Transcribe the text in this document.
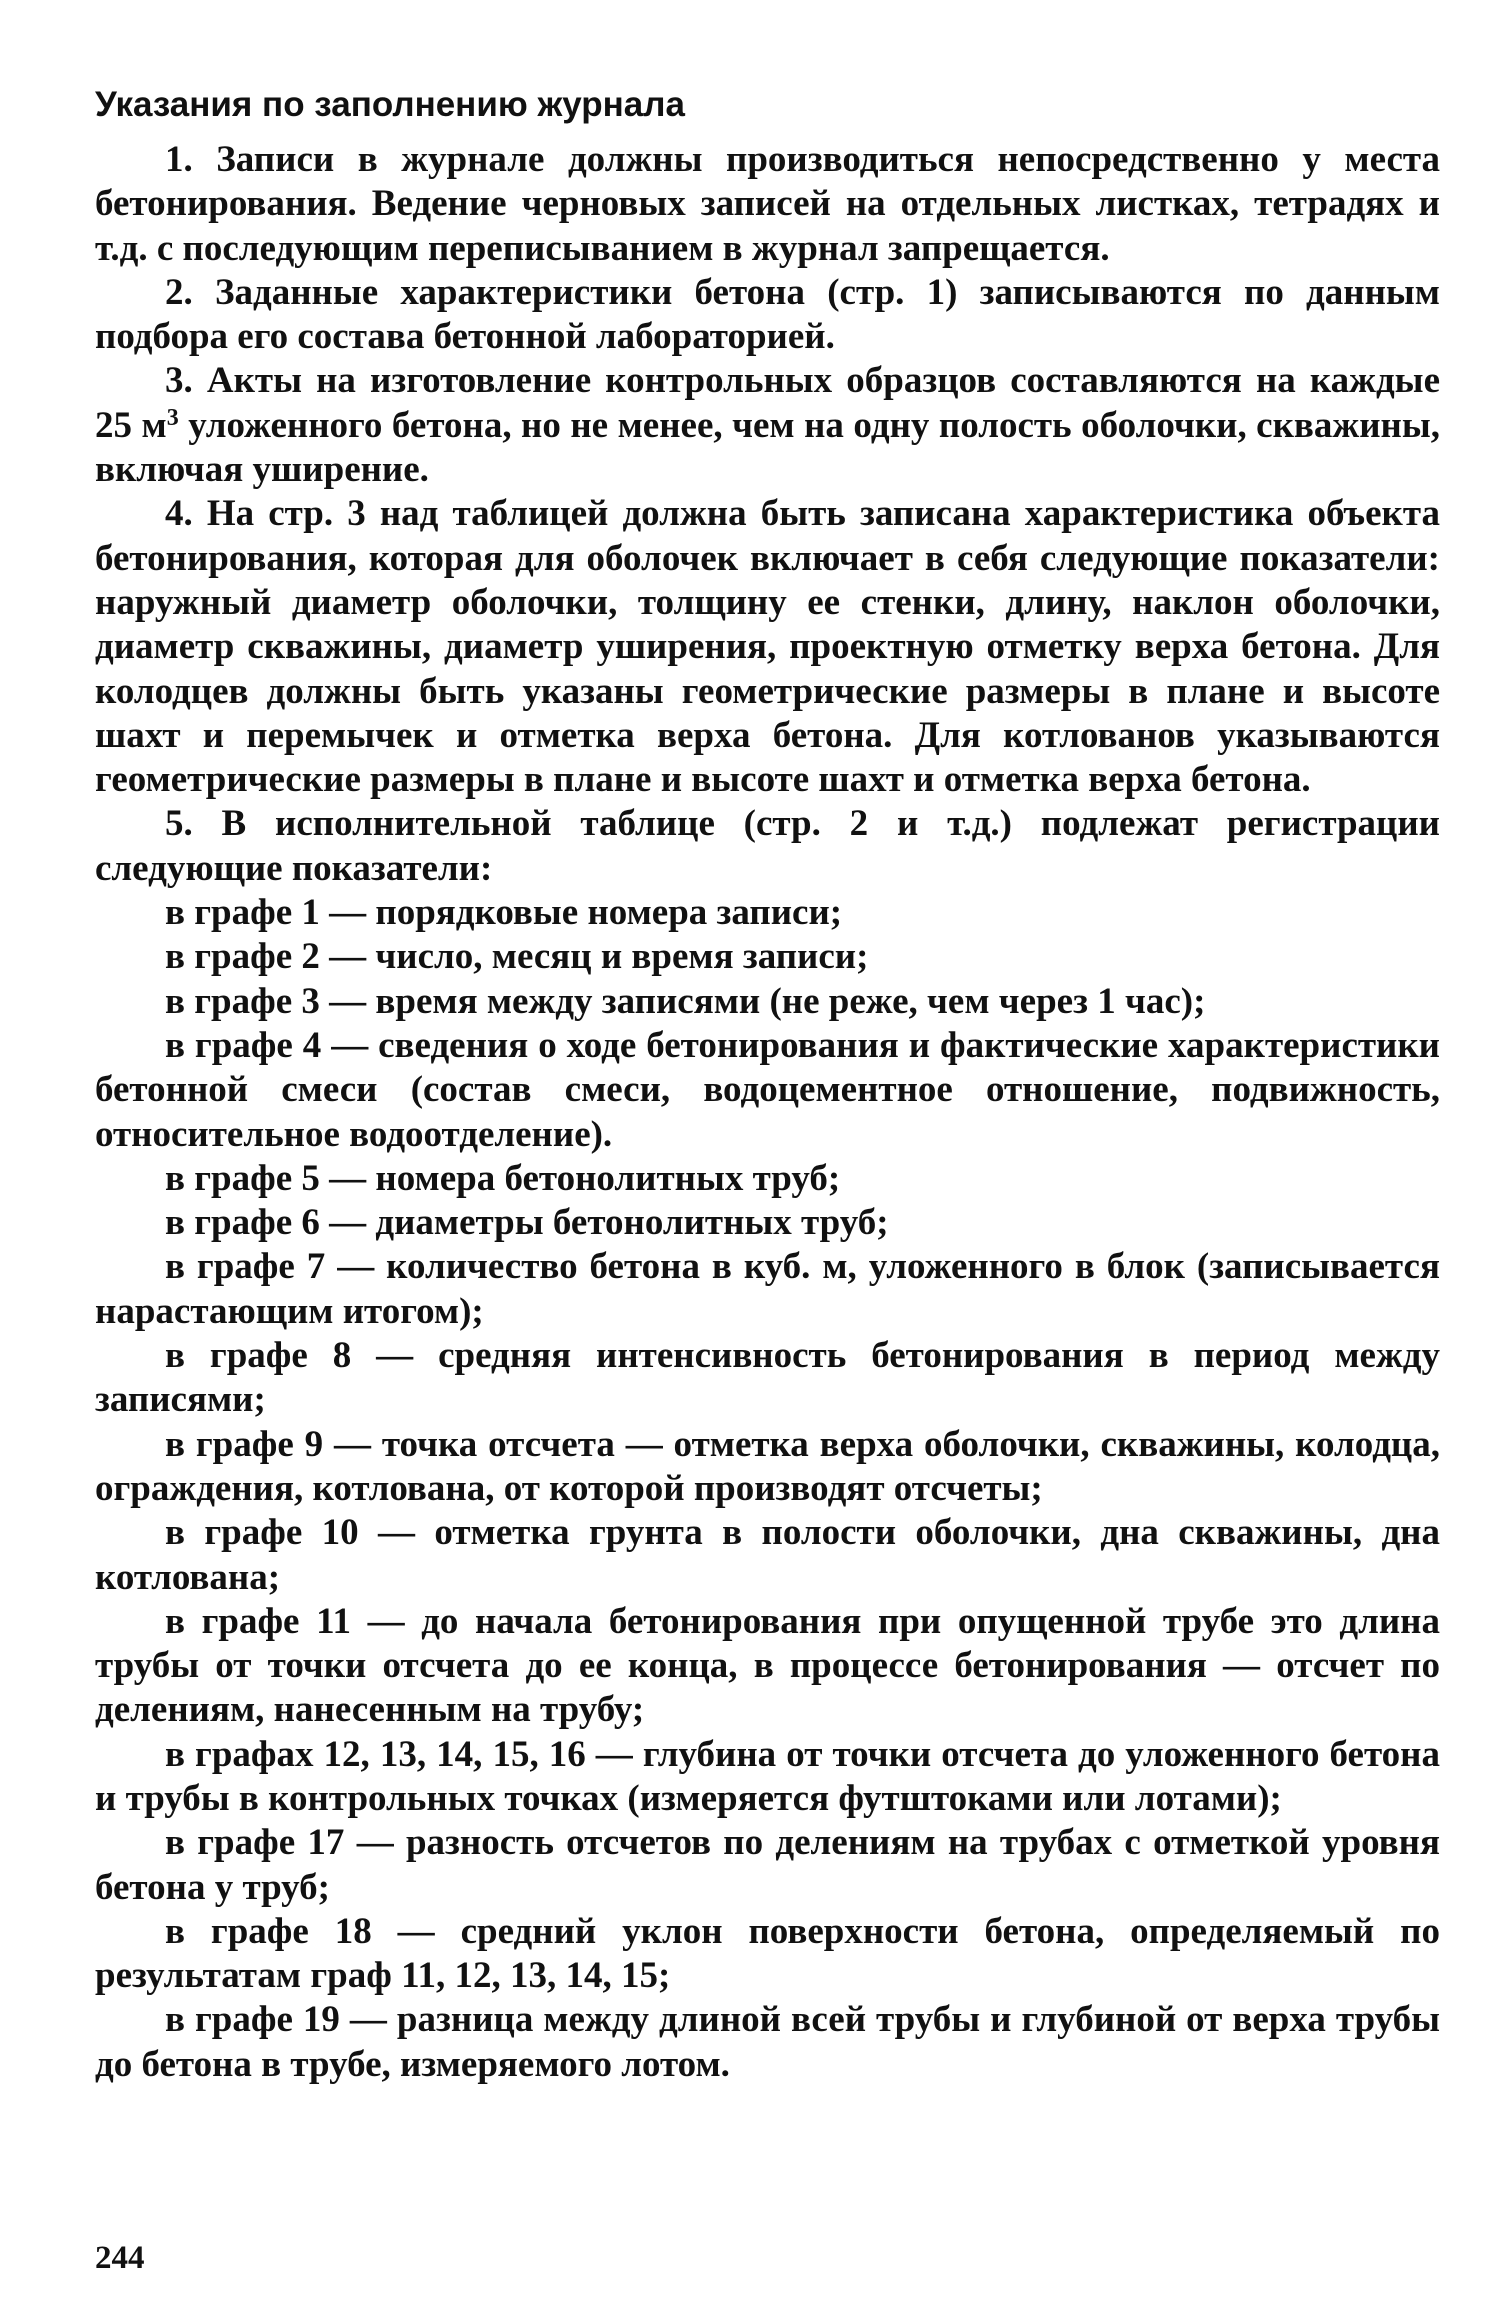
Указания по заполнению журнала

1. Записи в журнале должны производиться непосредственно у места бетонирования. Ведение черновых записей на отдельных листках, тетрадях и т.д. с последующим переписыванием в журнал запрещается.

2. Заданные характеристики бетона (стр. 1) записываются по данным подбора его состава бетонной лабораторией.

3. Акты на изготовление контрольных образцов составляются на каждые 25 $м^3$ уложенного бетона, но не менее, чем на одну полость оболочки, скважины, включая уширение.

4. На стр. 3 над таблицей должна быть записана характеристика объекта бетонирования, которая для оболочек включает в себя следующие показатели: наружный диаметр оболочки, толщину ее стенки, длину, наклон оболочки, диаметр скважины, диаметр уширения, проектную отметку верха бетона. Для колодцев должны быть указаны геометрические размеры в плане и высоте шахт и перемычек и отметка верха бетона. Для котлованов указываются геометрические размеры в плане и высоте шахт и отметка верха бетона.

5. В исполнительной таблице (стр. 2 и т.д.) подлежат регистрации следующие показатели:

в графе 1 — порядковые номера записи;

в графе 2 — число, месяц и время записи;

в графе 3 — время между записями (не реже, чем через 1 час);

в графе 4 — сведения о ходе бетонирования и фактические характеристики бетонной смеси (состав смеси, водоцементное отношение, подвижность, относительное водоотделение).

в графе 5 — номера бетонолитных труб;

в графе 6 — диаметры бетонолитных труб;

в графе 7 — количество бетона в куб. м, уложенного в блок (записывается нарастающим итогом);

в графе 8 — средняя интенсивность бетонирования в период между записями;

в графе 9 — точка отсчета — отметка верха оболочки, скважины, колодца, ограждения, котлована, от которой производят отсчеты;

в графе 10 — отметка грунта в полости оболочки, дна скважины, дна котлована;

в графе 11 — до начала бетонирования при опущенной трубе это длина трубы от точки отсчета до ее конца, в процессе бетонирования — отсчет по делениям, нанесенным на трубу;

в графах 12, 13, 14, 15, 16 — глубина от точки отсчета до уложенного бетона и трубы в контрольных точках (измеряется футштоками или лотами);

в графе 17 — разность отсчетов по делениям на трубах с отметкой уровня бетона у труб;

в графе 18 — средний уклон поверхности бетона, определяемый по результатам граф 11, 12, 13, 14, 15;

в графе 19 — разница между длиной всей трубы и глубиной от верха трубы до бетона в трубе, измеряемого лотом.

244
